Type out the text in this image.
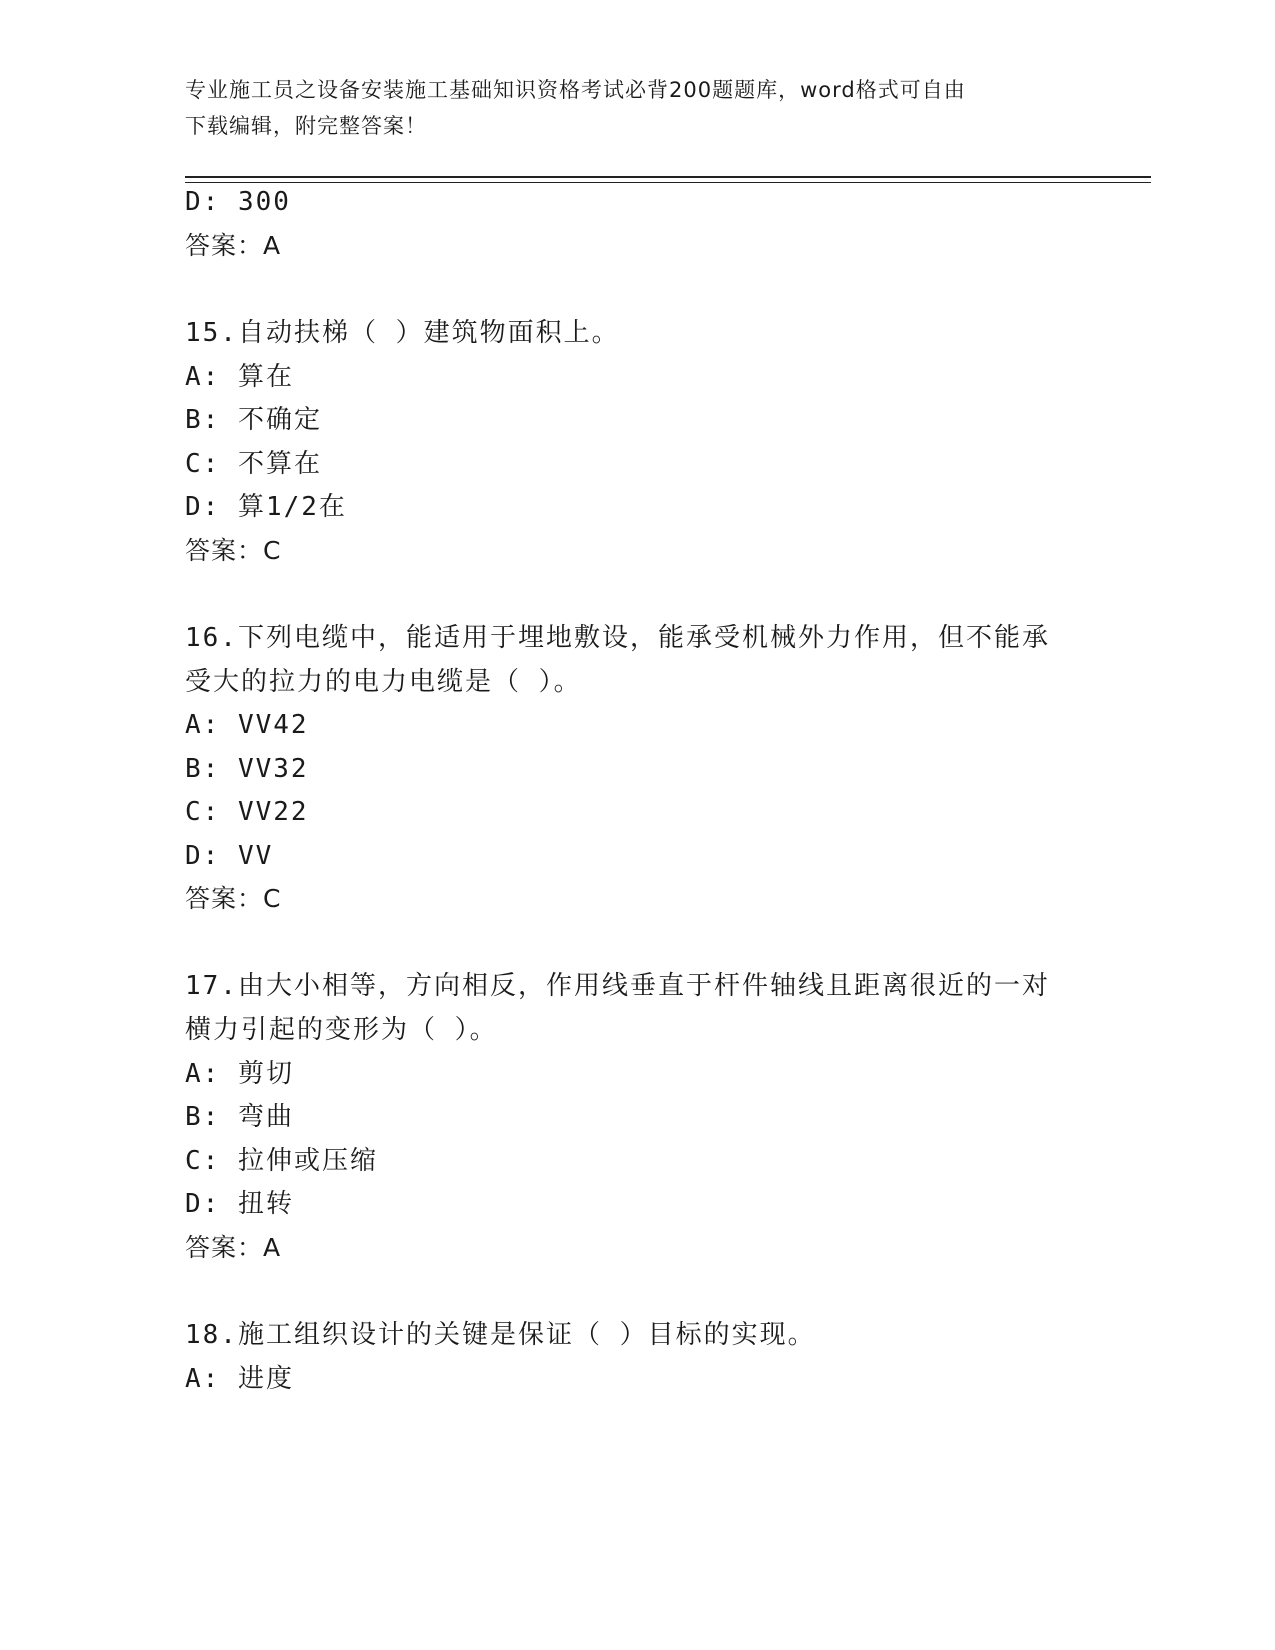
专业施工员之设备安装施工基础知识资格考试必背200题题库，word格式可自由
下载编辑，附完整答案！
D: 300
答案：A
15.自动扶梯（ ）建筑物面积上。
A: 算在
B: 不确定
C: 不算在
D: 算1/2在
答案：C
16.下列电缆中，能适用于埋地敷设，能承受机械外力作用，但不能承
受大的拉力的电力电缆是（ ）。
A: VV42
B: VV32
C: VV22
D: VV
答案：C
17.由大小相等，方向相反，作用线垂直于杆件轴线且距离很近的一对
横力引起的变形为（ ）。
A: 剪切
B: 弯曲
C: 拉伸或压缩
D: 扭转
答案：A
18.施工组织设计的关键是保证（ ）目标的实现。
A: 进度
